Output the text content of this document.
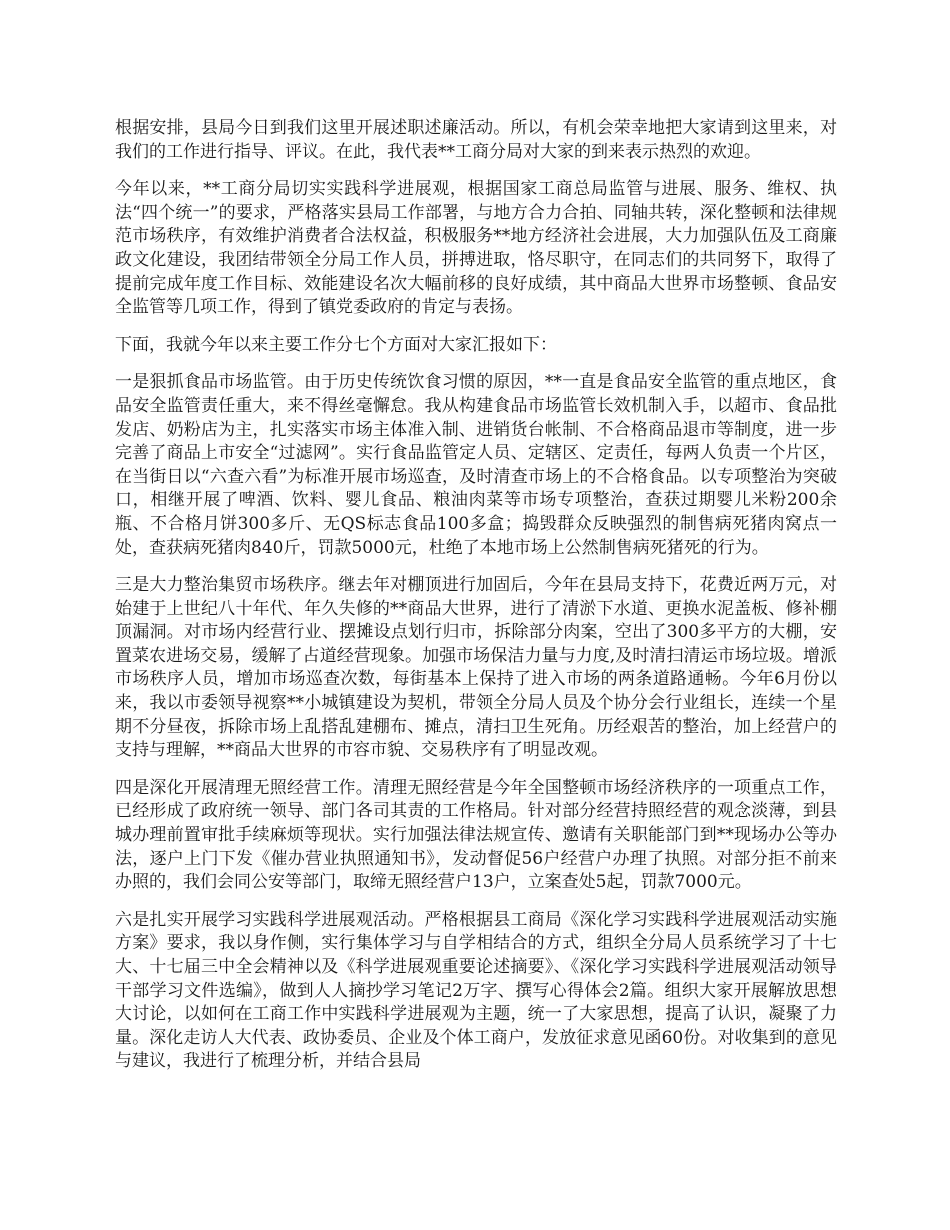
根据安排，县局今日到我们这里开展述职述廉活动。所以，有机会荣幸地把大家请到这里来，对我们的工作进行指导、评议。在此，我代表**工商分局对大家的到来表示热烈的欢迎。

今年以来，**工商分局切实实践科学进展观，根据国家工商总局监管与进展、服务、维权、执法“四个统一”的要求，严格落实县局工作部署，与地方合力合拍、同轴共转，深化整顿和法律规范市场秩序，有效维护消费者合法权益，积极服务**地方经济社会进展，大力加强队伍及工商廉政文化建设，我团结带领全分局工作人员，拼搏进取，恪尽职守，在同志们的共同努下，取得了提前完成年度工作目标、效能建设名次大幅前移的良好成绩，其中商品大世界市场整顿、食品安全监管等几项工作，得到了镇党委政府的肯定与表扬。

下面，我就今年以来主要工作分七个方面对大家汇报如下：

一是狠抓食品市场监管。由于历史传统饮食习惯的原因，**一直是食品安全监管的重点地区，食品安全监管责任重大，来不得丝毫懈怠。我从构建食品市场监管长效机制入手，以超市、食品批发店、奶粉店为主，扎实落实市场主体准入制、进销货台帐制、不合格商品退市等制度，进一步完善了商品上市安全“过滤网”。实行食品监管定人员、定辖区、定责任，每两人负责一个片区，在当街日以“六查六看”为标准开展市场巡查，及时清查市场上的不合格食品。以专项整治为突破口，相继开展了啤酒、饮料、婴儿食品、粮油肉菜等市场专项整治，查获过期婴儿米粉200余瓶、不合格月饼300多斤、无QS标志食品100多盒；捣毁群众反映强烈的制售病死猪肉窝点一处，查获病死猪肉840斤，罚款5000元，杜绝了本地市场上公然制售病死猪死的行为。

三是大力整治集贸市场秩序。继去年对棚顶进行加固后，今年在县局支持下，花费近两万元，对始建于上世纪八十年代、年久失修的**商品大世界，进行了清淤下水道、更换水泥盖板、修补棚顶漏洞。对市场内经营行业、摆摊设点划行归市，拆除部分肉案，空出了300多平方的大棚，安置菜农进场交易，缓解了占道经营现象。加强市场保洁力量与力度,及时清扫清运市场垃圾。增派市场秩序人员，增加市场巡查次数，每街基本上保持了进入市场的两条道路通畅。今年6月份以来，我以市委领导视察**小城镇建设为契机，带领全分局人员及个协分会行业组长，连续一个星期不分昼夜，拆除市场上乱搭乱建棚布、摊点，清扫卫生死角。历经艰苦的整治，加上经营户的支持与理解，**商品大世界的市容市貌、交易秩序有了明显改观。

四是深化开展清理无照经营工作。清理无照经营是今年全国整顿市场经济秩序的一项重点工作，已经形成了政府统一领导、部门各司其责的工作格局。针对部分经营持照经营的观念淡薄，到县城办理前置审批手续麻烦等现状。实行加强法律法规宣传、邀请有关职能部门到**现场办公等办法，逐户上门下发《催办营业执照通知书》，发动督促56户经营户办理了执照。对部分拒不前来办照的，我们会同公安等部门，取缔无照经营户13户，立案查处5起，罚款7000元。

六是扎实开展学习实践科学进展观活动。严格根据县工商局《深化学习实践科学进展观活动实施方案》要求，我以身作侧，实行集体学习与自学相结合的方式，组织全分局人员系统学习了十七大、十七届三中全会精神以及《科学进展观重要论述摘要》、《深化学习实践科学进展观活动领导干部学习文件选编》，做到人人摘抄学习笔记2万字、撰写心得体会2篇。组织大家开展解放思想大讨论，以如何在工商工作中实践科学进展观为主题，统一了大家思想，提高了认识，凝聚了力量。深化走访人大代表、政协委员、企业及个体工商户，发放征求意见函60份。对收集到的意见与建议，我进行了梳理分析，并结合县局
